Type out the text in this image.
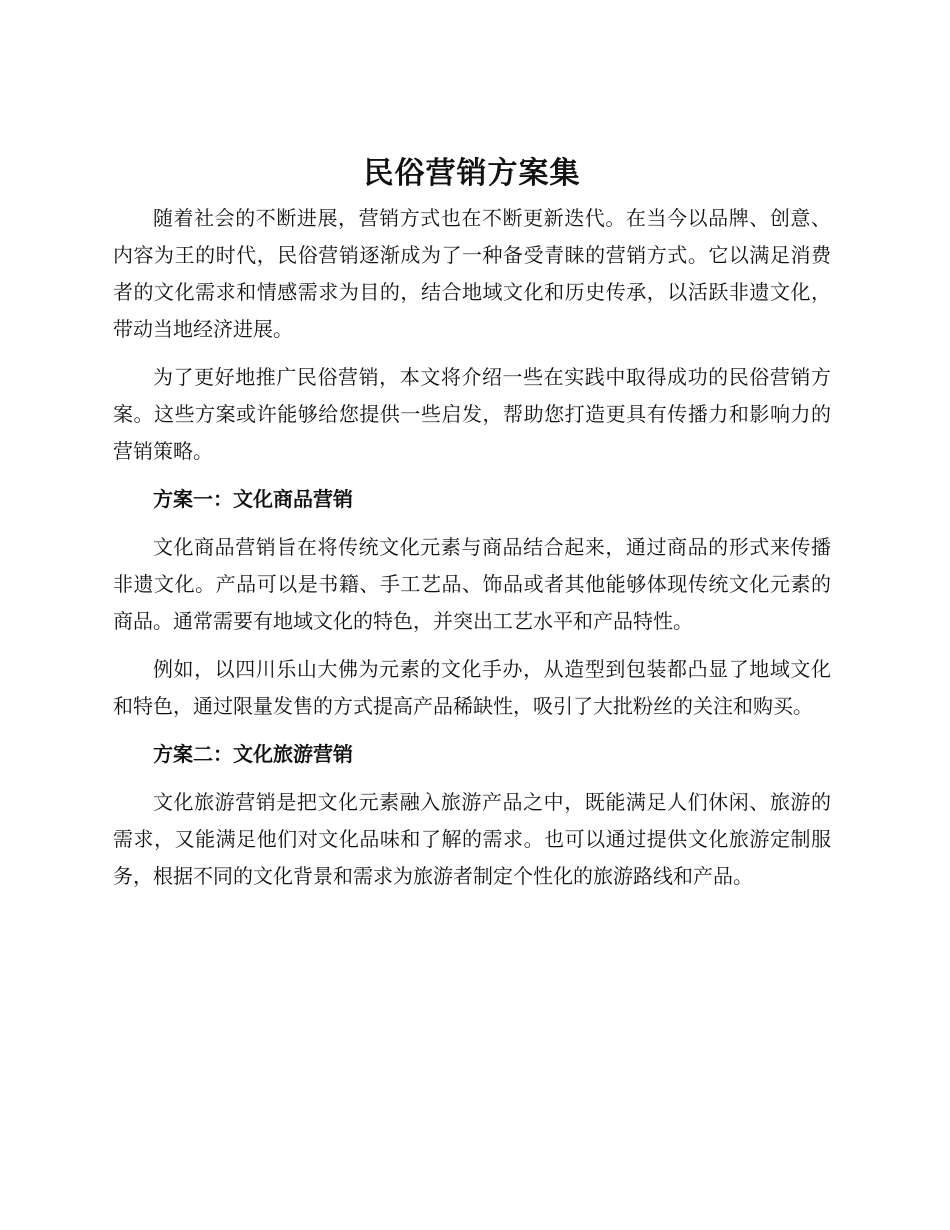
民俗营销方案集

随着社会的不断进展，营销方式也在不断更新迭代。在当今以品牌、创意、内容为王的时代，民俗营销逐渐成为了一种备受青睐的营销方式。它以满足消费者的文化需求和情感需求为目的，结合地域文化和历史传承，以活跃非遗文化，带动当地经济进展。

为了更好地推广民俗营销，本文将介绍一些在实践中取得成功的民俗营销方案。这些方案或许能够给您提供一些启发，帮助您打造更具有传播力和影响力的营销策略。

方案一：文化商品营销

文化商品营销旨在将传统文化元素与商品结合起来，通过商品的形式来传播非遗文化。产品可以是书籍、手工艺品、饰品或者其他能够体现传统文化元素的商品。通常需要有地域文化的特色，并突出工艺水平和产品特性。

例如，以四川乐山大佛为元素的文化手办，从造型到包装都凸显了地域文化和特色，通过限量发售的方式提高产品稀缺性，吸引了大批粉丝的关注和购买。

方案二：文化旅游营销

文化旅游营销是把文化元素融入旅游产品之中，既能满足人们休闲、旅游的需求，又能满足他们对文化品味和了解的需求。也可以通过提供文化旅游定制服务，根据不同的文化背景和需求为旅游者制定个性化的旅游路线和产品。
